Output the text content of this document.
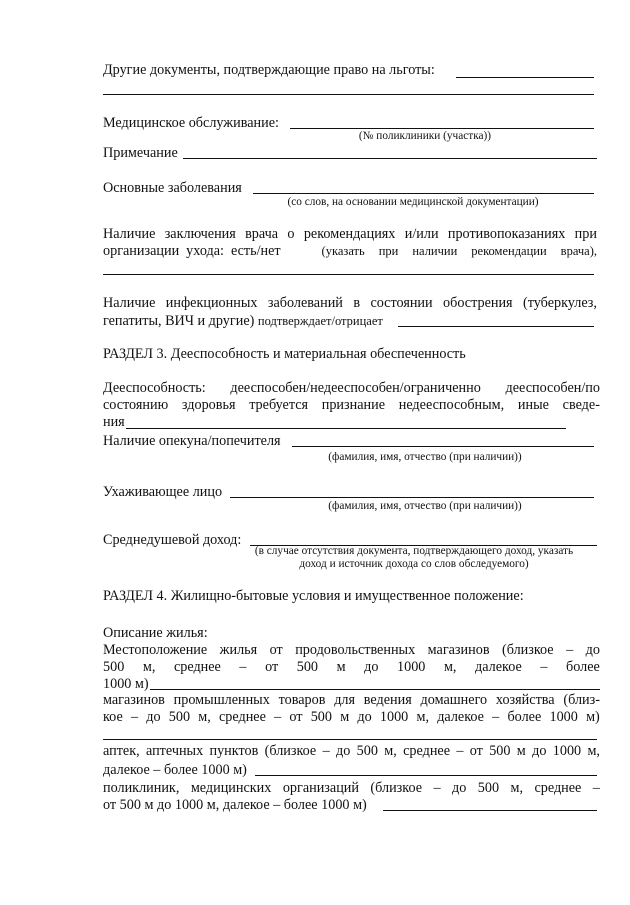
Другие документы, подтверждающие право на льготы:
Медицинское обслуживание:
(№ поликлиники (участка))
Примечание
Основные заболевания
(со слов, на основании медицинской документации)
Наличие заключения врача о рекомендациях и/или противопоказаниях при
организации ухода: есть/нет	(указать при наличии рекомендации врача),
Наличие инфекционных заболеваний в состоянии обострения (туберкулез,
гепатиты, ВИЧ и другие) подтверждает/отрицает
РАЗДЕЛ 3. Дееспособность и материальная обеспеченность
Дееспособность: дееспособен/недееспособен/ограниченно дееспособен/по
состоянию здоровья требуется признание недееспособным, иные сведе-
ния
Наличие опекуна/попечителя
(фамилия, имя, отчество (при наличии))
Ухаживающее лицо
(фамилия, имя, отчество (при наличии))
Среднедушевой доход:
(в случае отсутствия документа, подтверждающего доход, указать
доход и источник дохода со слов обследуемого)
РАЗДЕЛ 4. Жилищно-бытовые условия и имущественное положение:
Описание жилья:
Местоположение жилья от продовольственных магазинов (близкое – до
500 м, среднее – от 500 м до 1000 м, далекое – более
1000 м)
магазинов промышленных товаров для ведения домашнего хозяйства (близ-
кое – до 500 м, среднее – от 500 м до 1000 м, далекое – более 1000 м)
аптек, аптечных пунктов (близкое – до 500 м, среднее – от 500 м до 1000 м,
далекое – более 1000 м)
поликлиник, медицинских организаций (близкое – до 500 м, среднее –
от 500 м до 1000 м, далекое – более 1000 м)
